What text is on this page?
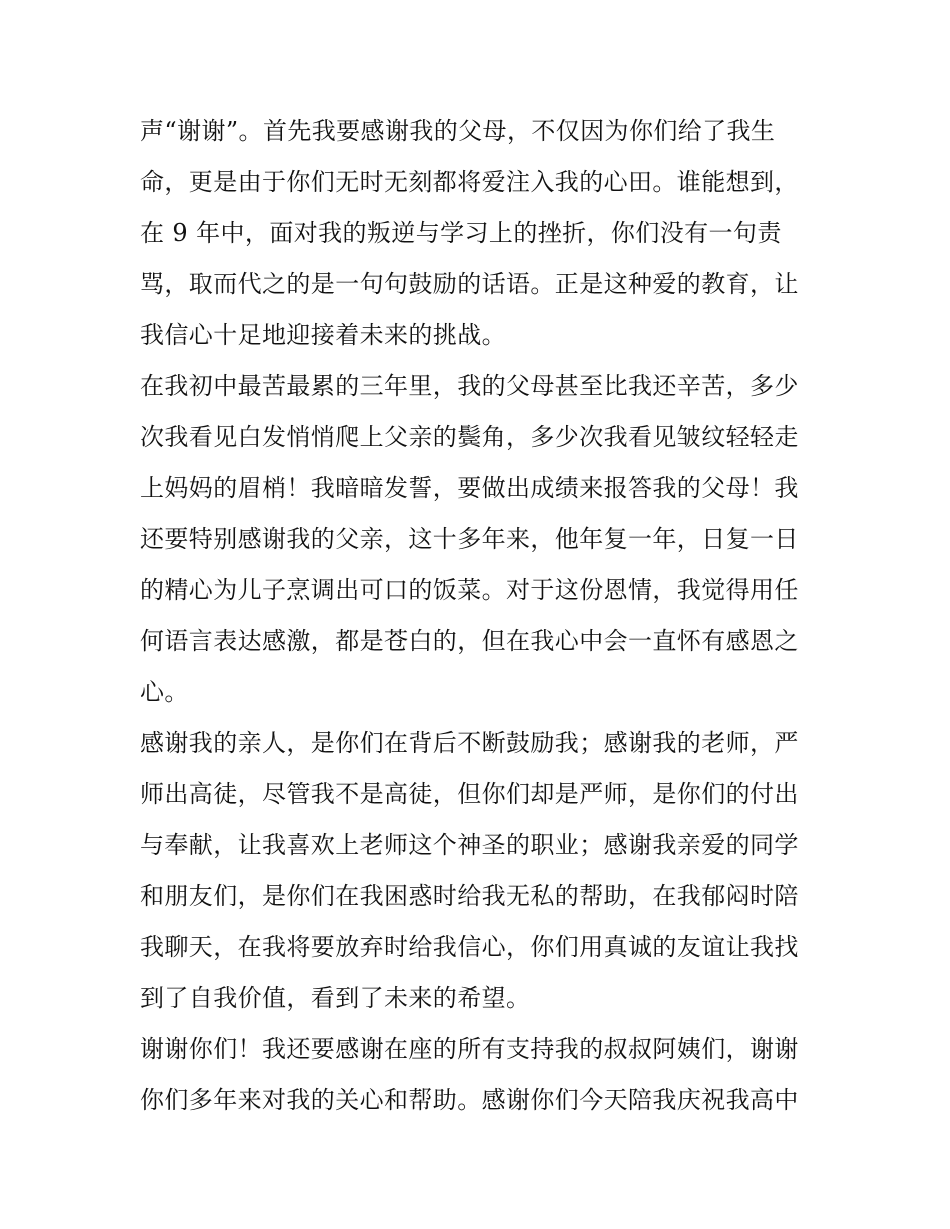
声“谢谢”。首先我要感谢我的父母，不仅因为你们给了我生
命，更是由于你们无时无刻都将爱注入我的心田。谁能想到，
在 9 年中，面对我的叛逆与学习上的挫折，你们没有一句责
骂，取而代之的是一句句鼓励的话语。正是这种爱的教育，让
我信心十足地迎接着未来的挑战。
在我初中最苦最累的三年里，我的父母甚至比我还辛苦，多少
次我看见白发悄悄爬上父亲的鬓角，多少次我看见皱纹轻轻走
上妈妈的眉梢！我暗暗发誓，要做出成绩来报答我的父母！我
还要特别感谢我的父亲，这十多年来，他年复一年，日复一日
的精心为儿子烹调出可口的饭菜。对于这份恩情，我觉得用任
何语言表达感激，都是苍白的，但在我心中会一直怀有感恩之
心。
感谢我的亲人，是你们在背后不断鼓励我；感谢我的老师，严
师出高徒，尽管我不是高徒，但你们却是严师，是你们的付出
与奉献，让我喜欢上老师这个神圣的职业；感谢我亲爱的同学
和朋友们，是你们在我困惑时给我无私的帮助，在我郁闷时陪
我聊天，在我将要放弃时给我信心，你们用真诚的友谊让我找
到了自我价值，看到了未来的希望。
谢谢你们！我还要感谢在座的所有支持我的叔叔阿姨们，谢谢
你们多年来对我的关心和帮助。感谢你们今天陪我庆祝我高中
